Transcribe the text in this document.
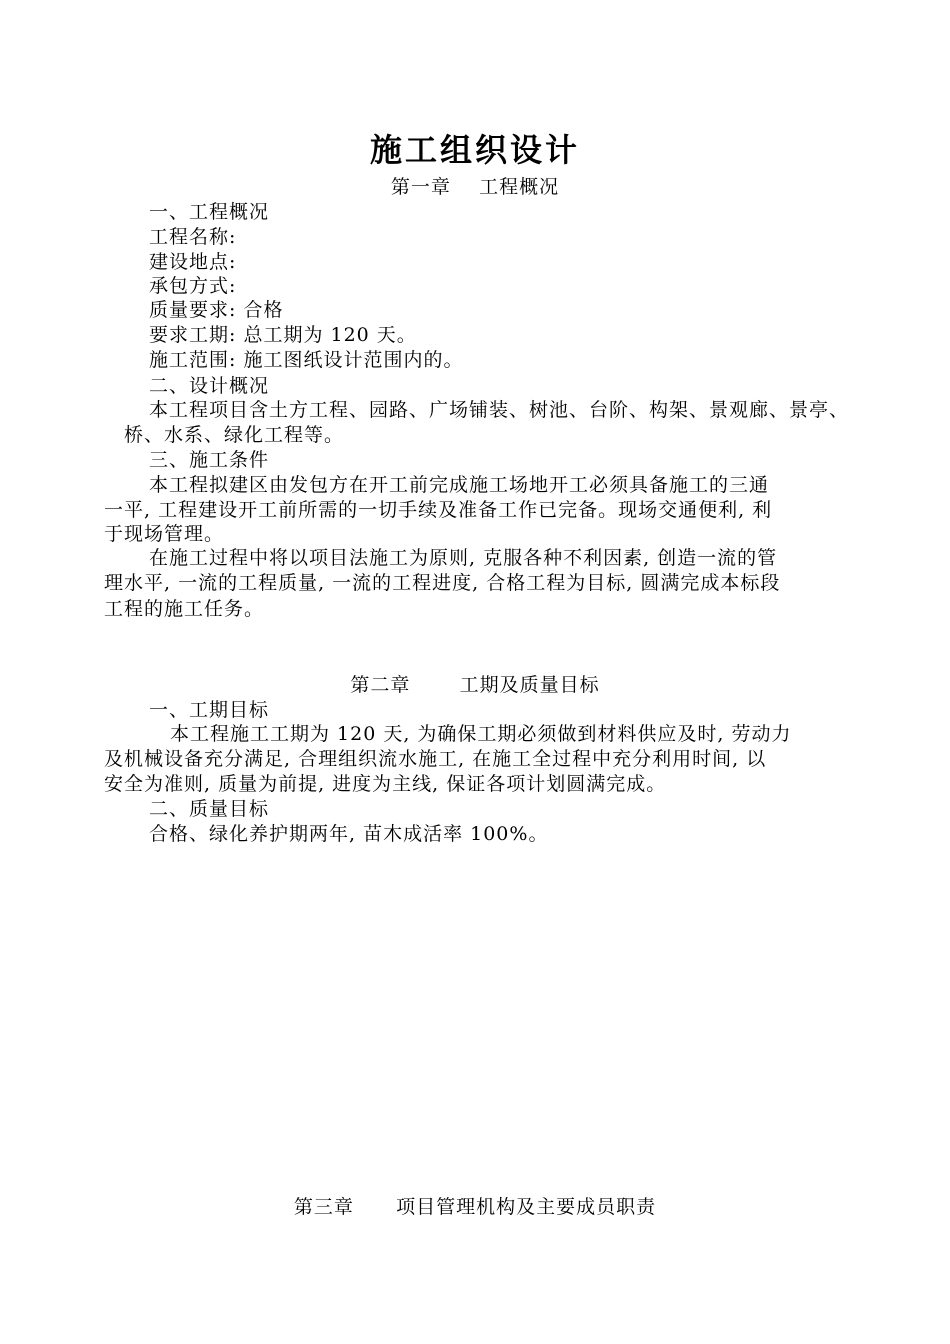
施工组织设计
第一章    工程概况
一、工程概况
工程名称:
建设地点:
承包方式:
质量要求: 合格
要求工期: 总工期为 120 天。
施工范围: 施工图纸设计范围内的。
二、设计概况
本工程项目含土方工程、园路、广场铺装、树池、台阶、构架、景观廊、景亭、
桥、水系、绿化工程等。
三、施工条件
本工程拟建区由发包方在开工前完成施工场地开工必须具备施工的三通
一平, 工程建设开工前所需的一切手续及准备工作已完备。现场交通便利, 利
于现场管理。
在施工过程中将以项目法施工为原则, 克服各种不利因素, 创造一流的管
理水平, 一流的工程质量, 一流的工程进度, 合格工程为目标, 圆满完成本标段
工程的施工任务。
第二章       工期及质量目标
一、工期目标
本工程施工工期为 120 天, 为确保工期必须做到材料供应及时, 劳动力
及机械设备充分满足, 合理组织流水施工, 在施工全过程中充分利用时间, 以
安全为准则, 质量为前提, 进度为主线, 保证各项计划圆满完成。
二、质量目标
合格、绿化养护期两年, 苗木成活率 100%。
第三章      项目管理机构及主要成员职责
